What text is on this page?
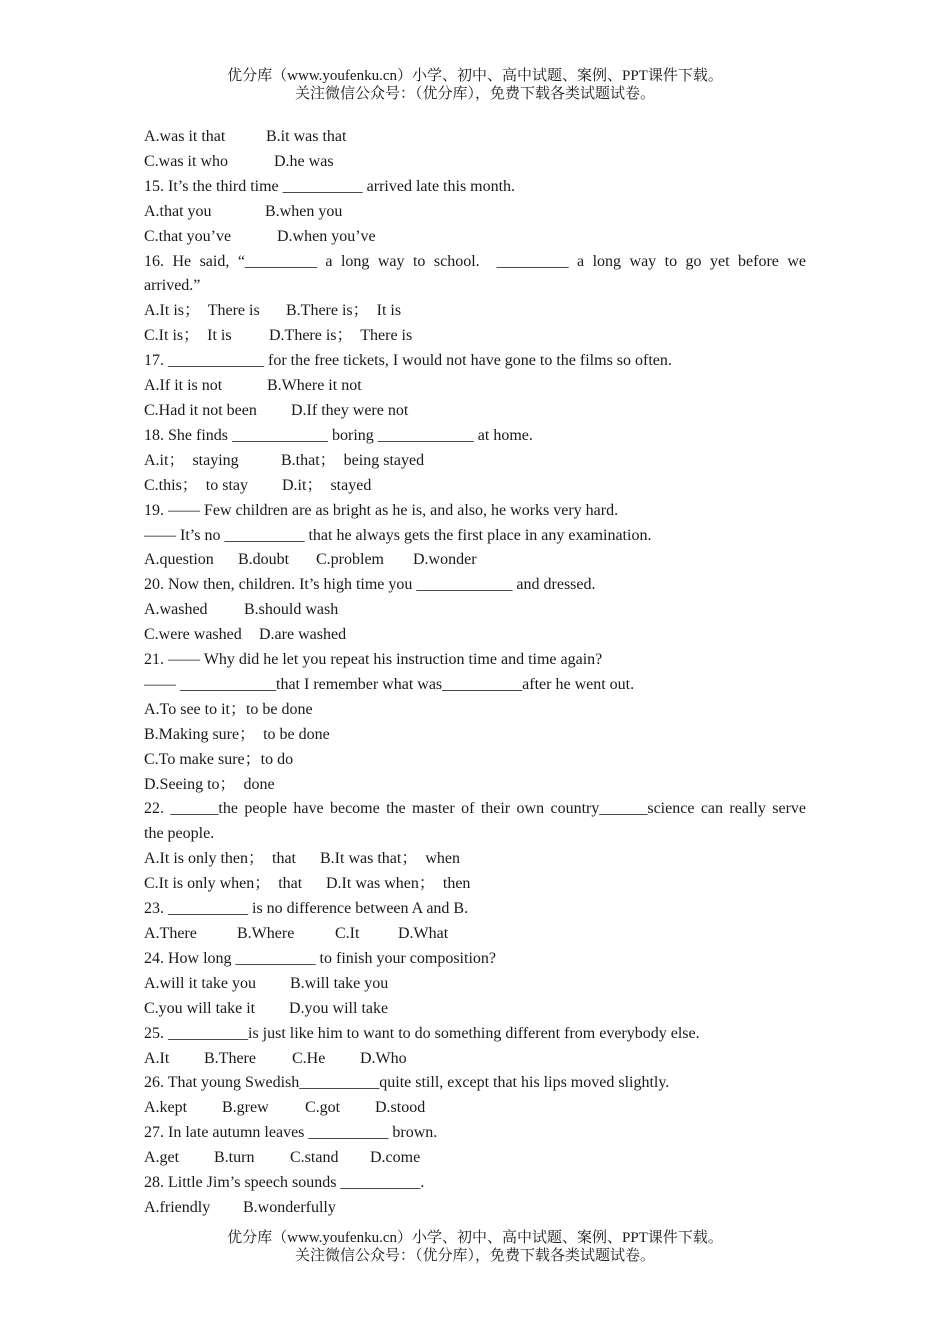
优分库（www.youfenku.cn）小学、初中、高中试题、案例、PPT课件下载。
关注微信公众号：（优分库），免费下载各类试题试卷。
A.was it that	B.it was that
C.was it who	D.he was
15. It’s the third time __________ arrived late this month.
A.that you	B.when you
C.that you’ve	D.when you’ve
16. He said, “_________ a long way to school.  _________ a long way to go yet before we
arrived.”
A.It is；  There is B.There is；  It is
C.It is；  It is D.There is；  There is
17. ____________ for the free tickets, I would not have gone to the films so often.
A.If it is not	B.Where it not
C.Had it not been D.If they were not
18. She finds ____________ boring ____________ at home.
A.it；  staying	B.that；  being stayed
C.this；  to stay D.it；  stayed
19. —— Few children are as bright as he is, and also, he works very hard.
—— It’s no __________ that he always gets the first place in any examination.
A.question B.doubt C.problem D.wonder
20. Now then, children. It’s high time you ____________ and dressed.
A.washed B.should wash
C.were washed D.are washed
21. —— Why did he let you repeat his instruction time and time again?
—— ____________that I remember what was__________after he went out.
A.To see to it；to be done
B.Making sure；  to be done
C.To make sure；to do
D.Seeing to；  done
22. ______the people have become the master of their own country______science can really serve
the people.
A.It is only then；  that B.It was that；  when
C.It is only when；  that D.It was when；  then
23. __________ is no difference between A and B.
A.There	B.Where	C.It D.What
24. How long __________ to finish your composition?
A.will it take you B.will take you
C.you will take it D.you will take
25. __________is just like him to want to do something different from everybody else.
A.It B.There C.He D.Who
26. That young Swedish__________quite still, except that his lips moved slightly.
A.kept B.grew C.got D.stood
27. In late autumn leaves __________ brown.
A.get B.turn C.stand D.come
28. Little Jim’s speech sounds __________.
A.friendly B.wonderfully
优分库（www.youfenku.cn）小学、初中、高中试题、案例、PPT课件下载。
关注微信公众号：（优分库），免费下载各类试题试卷。
